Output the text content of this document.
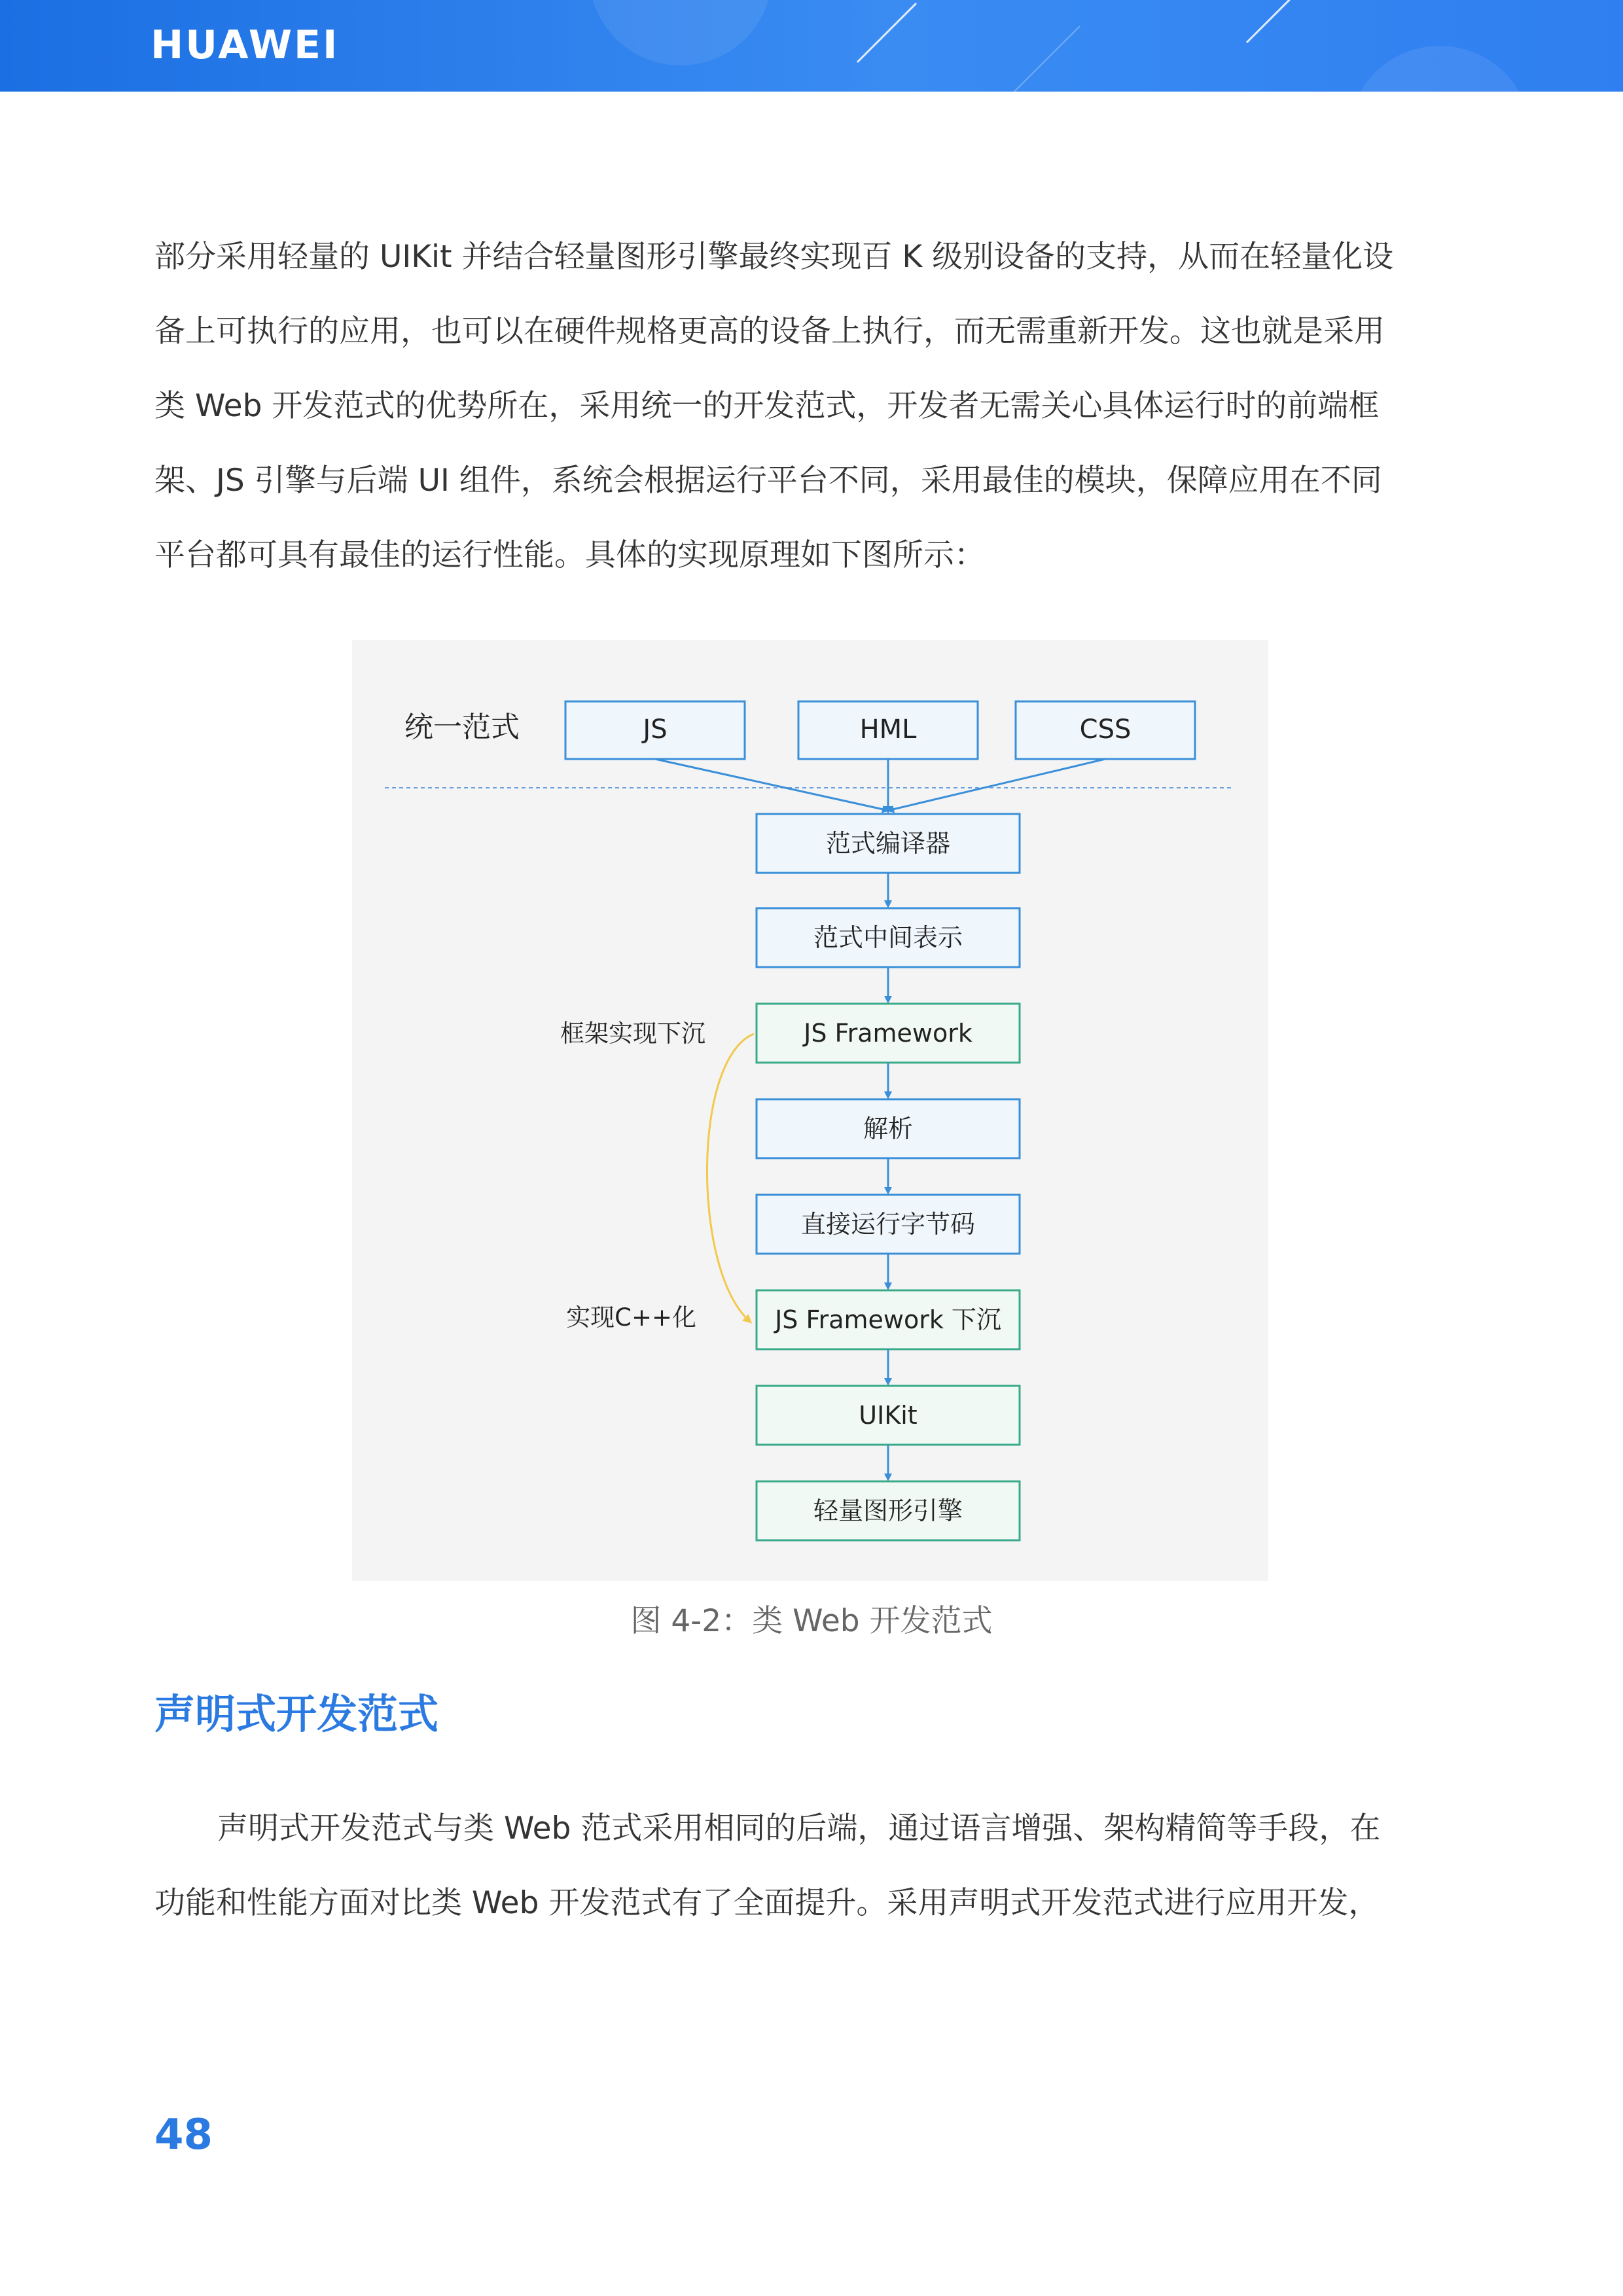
HUAWEI
部分采用轻量的 UIKit 并结合轻量图形引擎最终实现百 K 级别设备的支持，从而在轻量化设
备上可执行的应用，也可以在硬件规格更高的设备上执行，而无需重新开发。这也就是采用
类 Web 开发范式的优势所在，采用统一的开发范式，开发者无需关心具体运行时的前端框
架、JS 引擎与后端 UI 组件，系统会根据运行平台不同，采用最佳的模块，保障应用在不同
平台都可具有最佳的运行性能。具体的实现原理如下图所示：
统一范式	JS	HML	CSS
范式编译器
范式中间表示
JS Framework
解析
直接运行字节码
JS Framework 下沉
UIKit
轻量图形引擎
框架实现下沉
实现C++化
图 4-2：类 Web 开发范式
声明式开发范式
声明式开发范式与类 Web 范式采用相同的后端，通过语言增强、架构精简等手段，在
功能和性能方面对比类 Web 开发范式有了全面提升。采用声明式开发范式进行应用开发，
48
